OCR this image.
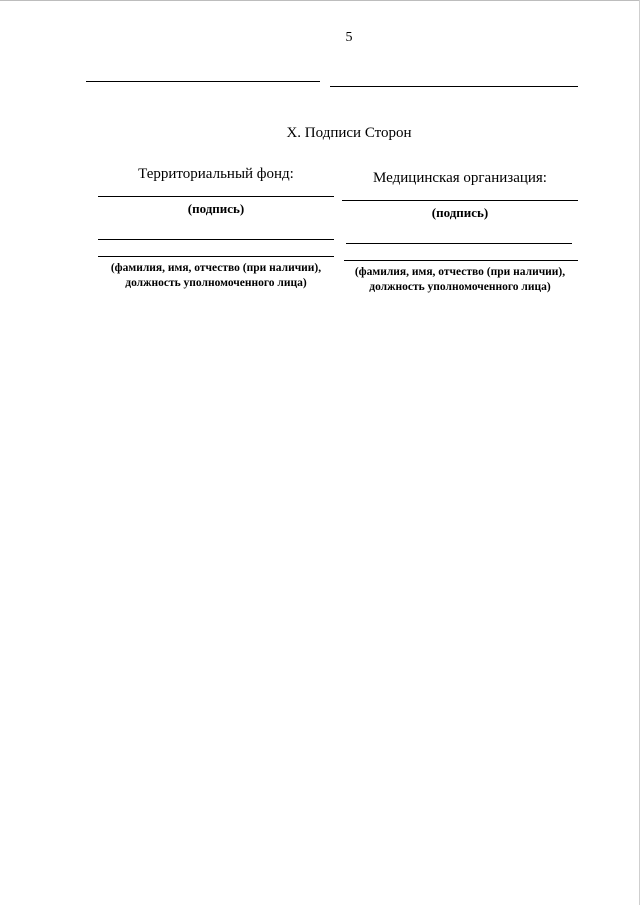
5
X. Подписи Сторон
Территориальный фонд:
(подпись)
(фамилия, имя, отчество (при наличии), должность уполномоченного лица)
Медицинская организация:
(подпись)
(фамилия, имя, отчество (при наличии), должность уполномоченного лица)
